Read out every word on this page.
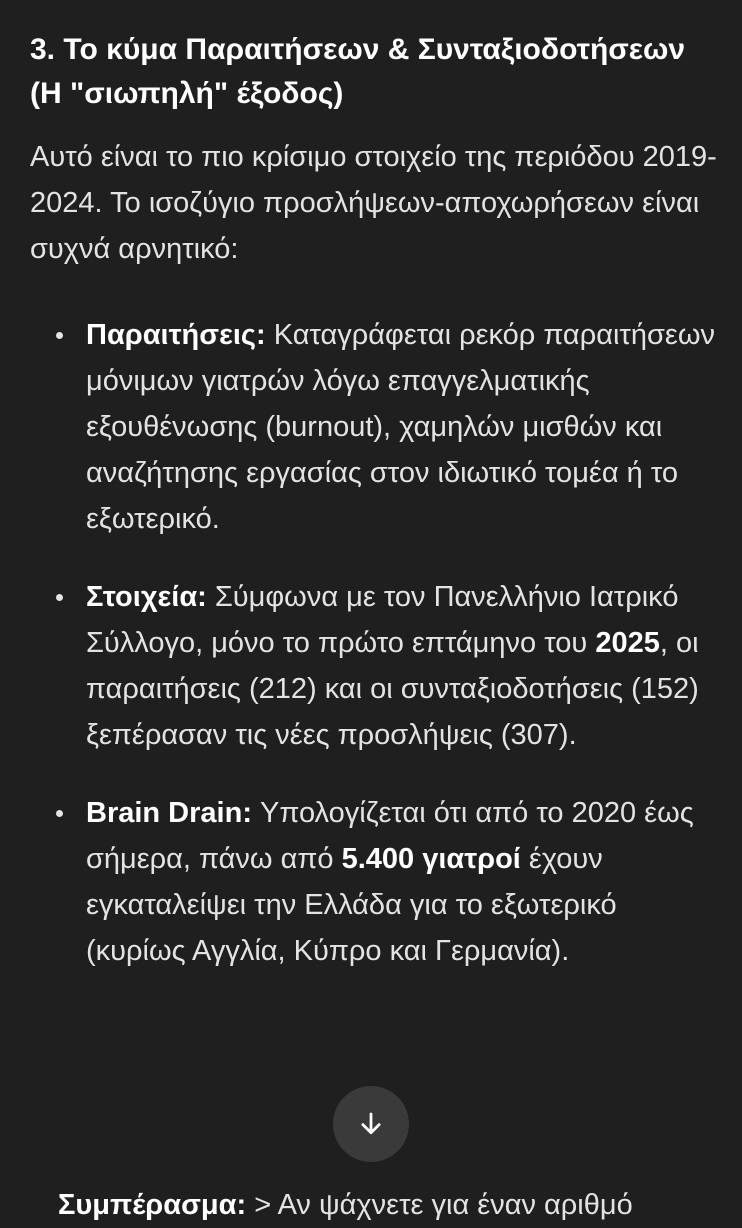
3. Το κύμα Παραιτήσεων & Συνταξιοδοτήσεων (Η "σιωπηλή" έξοδος)

Αυτό είναι το πιο κρίσιμο στοιχείο της περιόδου 2019-2024. Το ισοζύγιο προσλήψεων-αποχωρήσεων είναι συχνά αρνητικό:

Παραιτήσεις: Καταγράφεται ρεκόρ παραιτήσεων μόνιμων γιατρών λόγω επαγγελματικής εξουθένωσης (burnout), χαμηλών μισθών και αναζήτησης εργασίας στον ιδιωτικό τομέα ή το εξωτερικό.
Στοιχεία: Σύμφωνα με τον Πανελλήνιο Ιατρικό Σύλλογο, μόνο το πρώτο επτάμηνο του 2025, οι παραιτήσεις (212) και οι συνταξιοδοτήσεις (152) ξεπέρασαν τις νέες προσλήψεις (307).
Brain Drain: Υπολογίζεται ότι από το 2020 έως σήμερα, πάνω από 5.400 γιατροί έχουν εγκαταλείψει την Ελλάδα για το εξωτερικό (κυρίως Αγγλία, Κύπρο και Γερμανία).
Συμπέρασμα: > Αν ψάχνετε για έναν αριθμό
